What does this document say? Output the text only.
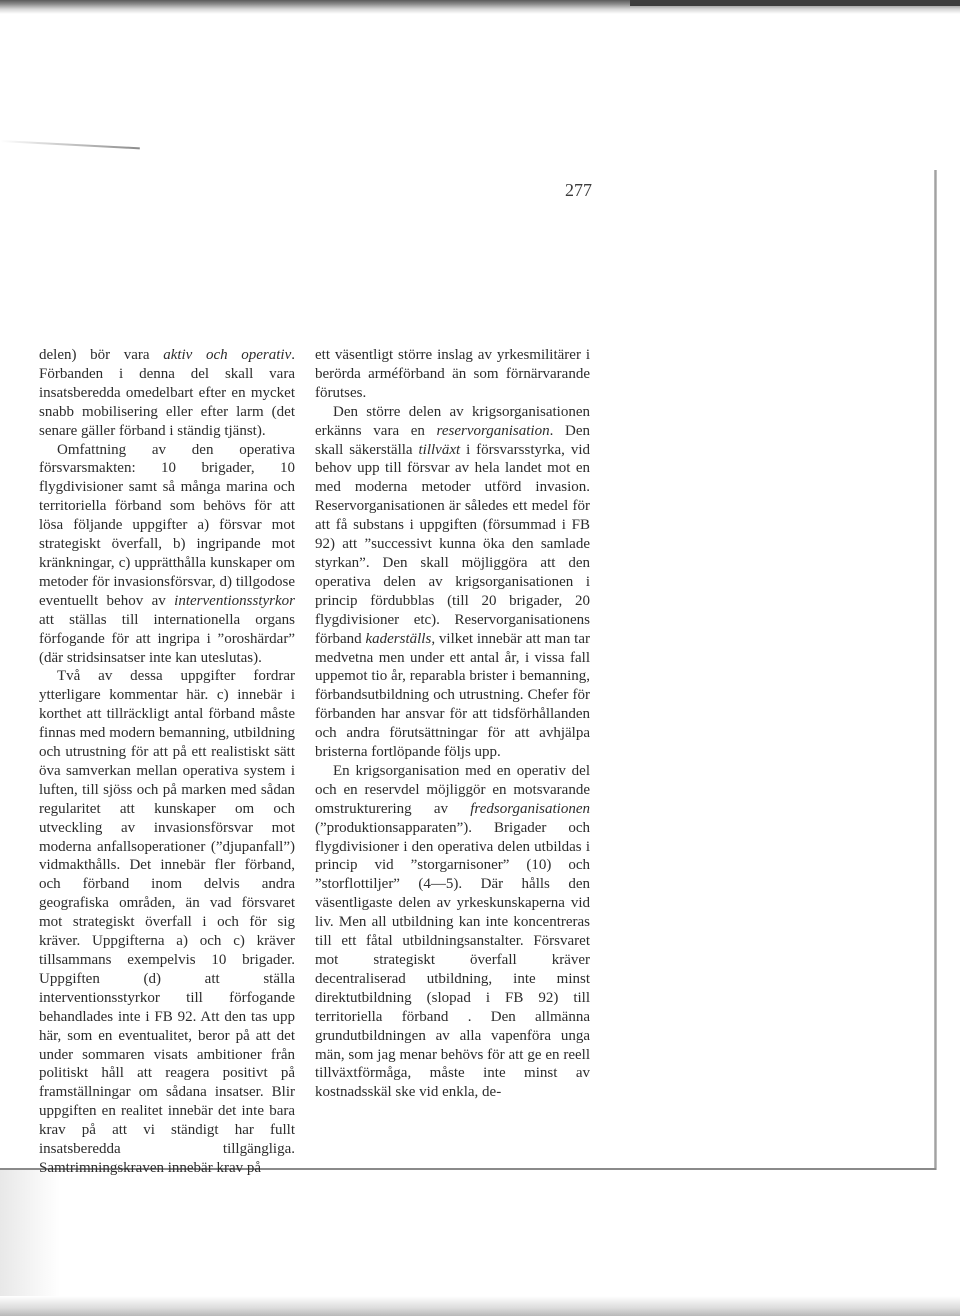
277

delen) bör vara aktiv och operativ. Förbanden i denna del skall vara insatsberedda omedelbart efter en mycket snabb mobilisering eller efter larm (det senare gäller förband i ständig tjänst).

Omfattning av den operativa försvarsmakten: 10 brigader, 10 flygdivisioner samt så många marina och territoriella förband som behövs för att lösa följande uppgifter a) försvar mot strategiskt överfall, b) ingripande mot kränkningar, c) upprätthålla kunskaper om metoder för invasionsförsvar, d) tillgodose eventuellt behov av interventionsstyrkor att ställas till internationella organs förfogande för att ingripa i ”oroshärdar” (där stridsinsatser inte kan uteslutas).

Två av dessa uppgifter fordrar ytterligare kommentar här. c) innebär i korthet att tillräckligt antal förband måste finnas med modern bemanning, utbildning och utrustning för att på ett realistiskt sätt öva samverkan mellan operativa system i luften, till sjöss och på marken med sådan regularitet att kunskaper om och utveckling av invasionsförsvar mot moderna anfallsoperationer (”djupanfall”) vidmakthålls. Det innebär fler förband, och förband inom delvis andra geografiska områden, än vad försvaret mot strategiskt överfall i och för sig kräver. Uppgifterna a) och c) kräver tillsammans exempelvis 10 brigader. Uppgiften (d) att ställa interventionsstyrkor till förfogande behandlades inte i FB 92. Att den tas upp här, som en eventualitet, beror på att det under sommaren visats ambitioner från politiskt håll att reagera positivt på framställningar om sådana insatser. Blir uppgiften en realitet innebär det inte bara krav på att vi ständigt har fullt insatsberedda tillgängliga. Samtrimningskraven innebär krav på

ett väsentligt större inslag av yrkesmilitärer i berörda arméförband än som förnärvarande förutses.

Den större delen av krigsorganisationen erkänns vara en reservorganisation. Den skall säkerställa tillväxt i försvarsstyrka, vid behov upp till försvar av hela landet mot en med moderna metoder utförd invasion. Reservorganisationen är således ett medel för att få substans i uppgiften (försummad i FB 92) att ”successivt kunna öka den samlade styrkan”. Den skall möjliggöra att den operativa delen av krigsorganisationen i princip fördubblas (till 20 brigader, 20 flygdivisioner etc). Reservorganisationens förband kaderställs, vilket innebär att man tar medvetna men under ett antal år, i vissa fall uppemot tio år, reparabla brister i bemanning, förbandsutbildning och utrustning. Chefer för förbanden har ansvar för att tidsförhållanden och andra förutsättningar för att avhjälpa bristerna fortlöpande följs upp.

En krigsorganisation med en operativ del och en reservdel möjliggör en motsvarande omstrukturering av fredsorganisationen (”produktionsapparaten”). Brigader och flygdivisioner i den operativa delen utbildas i princip vid ”storgarnisoner” (10) och ”storflottiljer” (4—5). Där hålls den väsentligaste delen av yrkeskunskaperna vid liv. Men all utbildning kan inte koncentreras till ett fåtal utbildningsanstalter. Försvaret mot strategiskt överfall kräver decentraliserad utbildning, inte minst direktutbildning (slopad i FB 92) till territoriella förband . Den allmänna grundutbildningen av alla vapenföra unga män, som jag menar behövs för att ge en reell tillväxtförmåga, måste inte minst av kostnadsskäl ske vid enkla, de-
